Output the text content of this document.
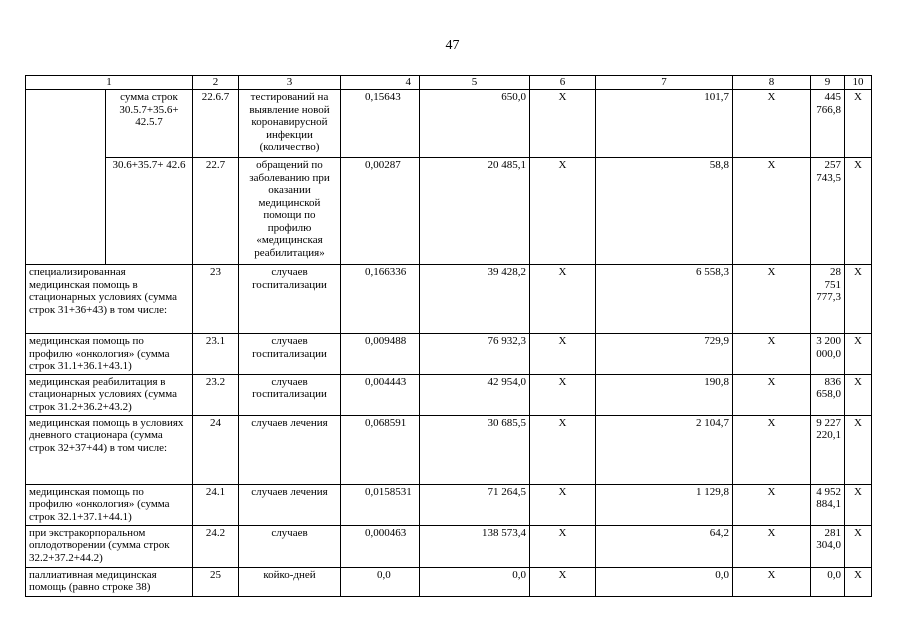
47
1		2	3	4	5	6	7	8	9	10
	сумма строк 30.5.7+35.6+ 42.5.7	22.6.7	тестирований на выявление новой коронавирусной инфекции (количество)	0,15643	650,0	X	101,7	X	445 766,8	X
	30.6+35.7+ 42.6	22.7	обращений по заболеванию при оказании медицинской помощи по профилю «медицинская реабилитация»	0,00287	20 485,1	X	58,8	X	257 743,5	X
специализированная медицинская помощь в стационарных условиях (сумма строк 31+36+43) в том числе:		23	случаев госпитализации	0,166336	39 428,2	X	6 558,3	X	28 751 777,3	X
медицинская помощь по профилю «онкология» (сумма строк 31.1+36.1+43.1)		23.1	случаев госпитализации	0,009488	76 932,3	X	729,9	X	3 200 000,0	X
медицинская реабилитация в стационарных условиях (сумма строк 31.2+36.2+43.2)		23.2	случаев госпитализации	0,004443	42 954,0	X	190,8	X	836 658,0	X
медицинская помощь в условиях дневного стационара (сумма строк 32+37+44) в том числе:		24	случаев лечения	0,068591	30 685,5	X	2 104,7	X	9 227 220,1	X
медицинская помощь по профилю «онкология» (сумма строк 32.1+37.1+44.1)		24.1	случаев лечения	0,0158531	71 264,5	X	1 129,8	X	4 952 884,1	X
при экстракорпоральном оплодотворении (сумма строк 32.2+37.2+44.2)		24.2	случаев	0,000463	138 573,4	X	64,2	X	281 304,0	X
паллиативная медицинская помощь (равно строке 38)		25	койко-дней	0,0	0,0	X	0,0	X	0,0	X
